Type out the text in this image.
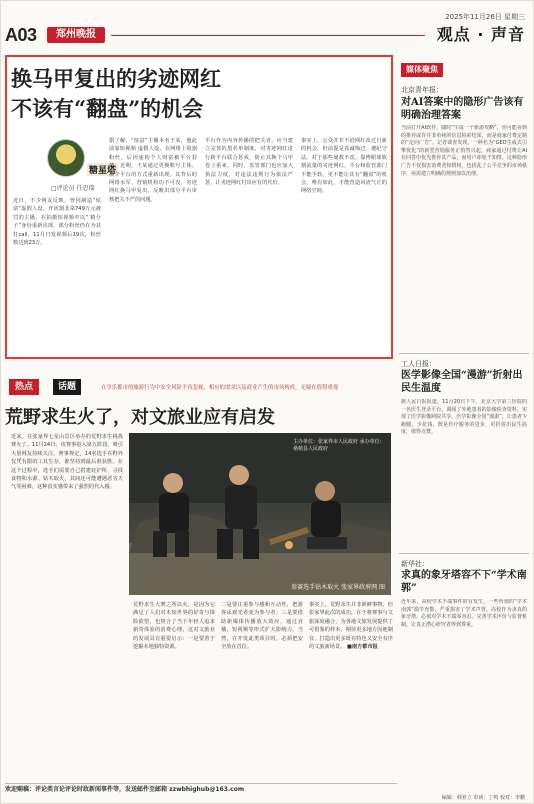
A03	郑州晚报
2025年11月26日 星期三
观点 · 声音
换马甲复出的劣迹网红
不该有“翻盘”的机会
糖星塔
□评论员 任思瑞
近日，不少网友反映，曾因制造“炫富”虚假人设、开团割韭菜749万元被罚的主播，在拍摄短视频中以“ 精分子”身份重新出现，部分粉丝仍在为其打call，11月日发视频后19次，粉丝数达到23万。
据了解，“炫富”主播本名王某，他此前靠短视频 虚假人设，在网络上收割粉丝，后因虚构个人财富被平台封禁。近期，王某通过更换账号主体、换个平台的方式重新出现，其背后的网络水军、营销机构功不可没，劣迹网红换马甲复出，反映出部分平台审核把关不严的问题。
平台作为内容传播的把关者，应当建立完善的黑名单制度，对劣迹网红进行跨平台联合惩戒，防止其换个马甲卷土重来。同时，监管部门也应加大执法力度，对违法违规行为依法严惩，让劣迹网红付出应有的代价。
事实上，公众并非不给网红改过自新的机会，但前提是真诚悔过、遵纪守法。对于那些屡教不改、靠博眼球收割流量的劣迹网红，平台和监管部门不能手软，更不能让其有“翻盘”的机会，唯有如此，才能营造风清气正的网络空间。
媒体聚焦
北京青年报：
对AI答案中的隐形广告该有明确治理答案
当前打开AI软件，随时“生成一个新游攻略”，你可能看到的推荐或许并非单纯的信息检索结果，而是商家付费定制的“定向广告”。记者调查发现，一种名为“GEO生成式引擎优化”的新型营销服务正悄然兴起，商家通过付费让AI在回答中优先推荐其产品，而用户却毫不知情。这种隐形广告不仅损害消费者知情权，也扰乱了公平竞争的市场秩序，亟需建立明确的规则加以治理。
工人日报：
医学影像全国“漫游”折射出民生温度
据人民日报报道，11月20日下午，北京大学第三医院的一名医生登录平台，调阅了外地患者的影像检查资料，实现了医学影像跨院共享。医学影像全国“漫游”，让患者少跑腿、少花钱，既是医疗服务的进步，更折射出民生温度，值得点赞。
新华社：
求真的象牙塔容不下“学术南郭”
近年来，高校学术不端事件时有发生，一些所谓的“学术南郭”滥竽充数，严重损害了学术声誉。高校作为求真的象牙塔，必须对学术不端零容忍，完善学术评价与监督机制，让真正潜心研究者得到尊重。
热点	话题	在享乐都市的旅游行为中安全风险不容忽视，相应的需求以及商业产生的市场构成，无疑在值得重视
荒野求生火了，对文旅业应有启发
主办单位：张家界市人民政府 承办单位：桑植县人民政府
参赛选手钻木取火 张家界政府网 图
近来，在张家界七星山景区举办的荒野求生挑战赛火了。11月24日，该赛事进入第五阶段，吸引大量网友持续关注。赛事规定，14名选手在野外仅凭有限的工具生存，谁坚持到最后谁获胜。在这个过程中，选手们需要自己搭建庇护所、寻找食物和水源、钻木取火，其间还可能遭遇恶劣天气等困难，这种真实感带来了强烈的代入感。
荒野求生大赛之所以火，是因为它满足了人们对未知世界的好奇与探险欲望，也契合了当下年轻人追求新奇体验的消费心理。这对文旅业的发展具有重要启示：一是要善于挖掘本地独特资源。
二是要注重参与感和互动性，把游客从观光者变为参与者；三是要借助新媒体传播放大效应，通过直播、短视频等形式扩大影响力。当然，在开发此类项目时，必须把安全放在首位。
事实上，荒野求生并非新鲜事物，但张家界此次的成功，在于将赛事与文旅深度融合，为各地文旅发展提供了可借鉴的样本。期待更多地方因地制宜，打造出更多既有特色又安全有序的文旅新场景。 ■南方都市报
欢迎赐稿：评论类言论评论时政新闻事件等，发送邮件至邮箱 zzwbhighub@163.com
编辑：韩亚立 审读：丁鸣 校对：李鹏
